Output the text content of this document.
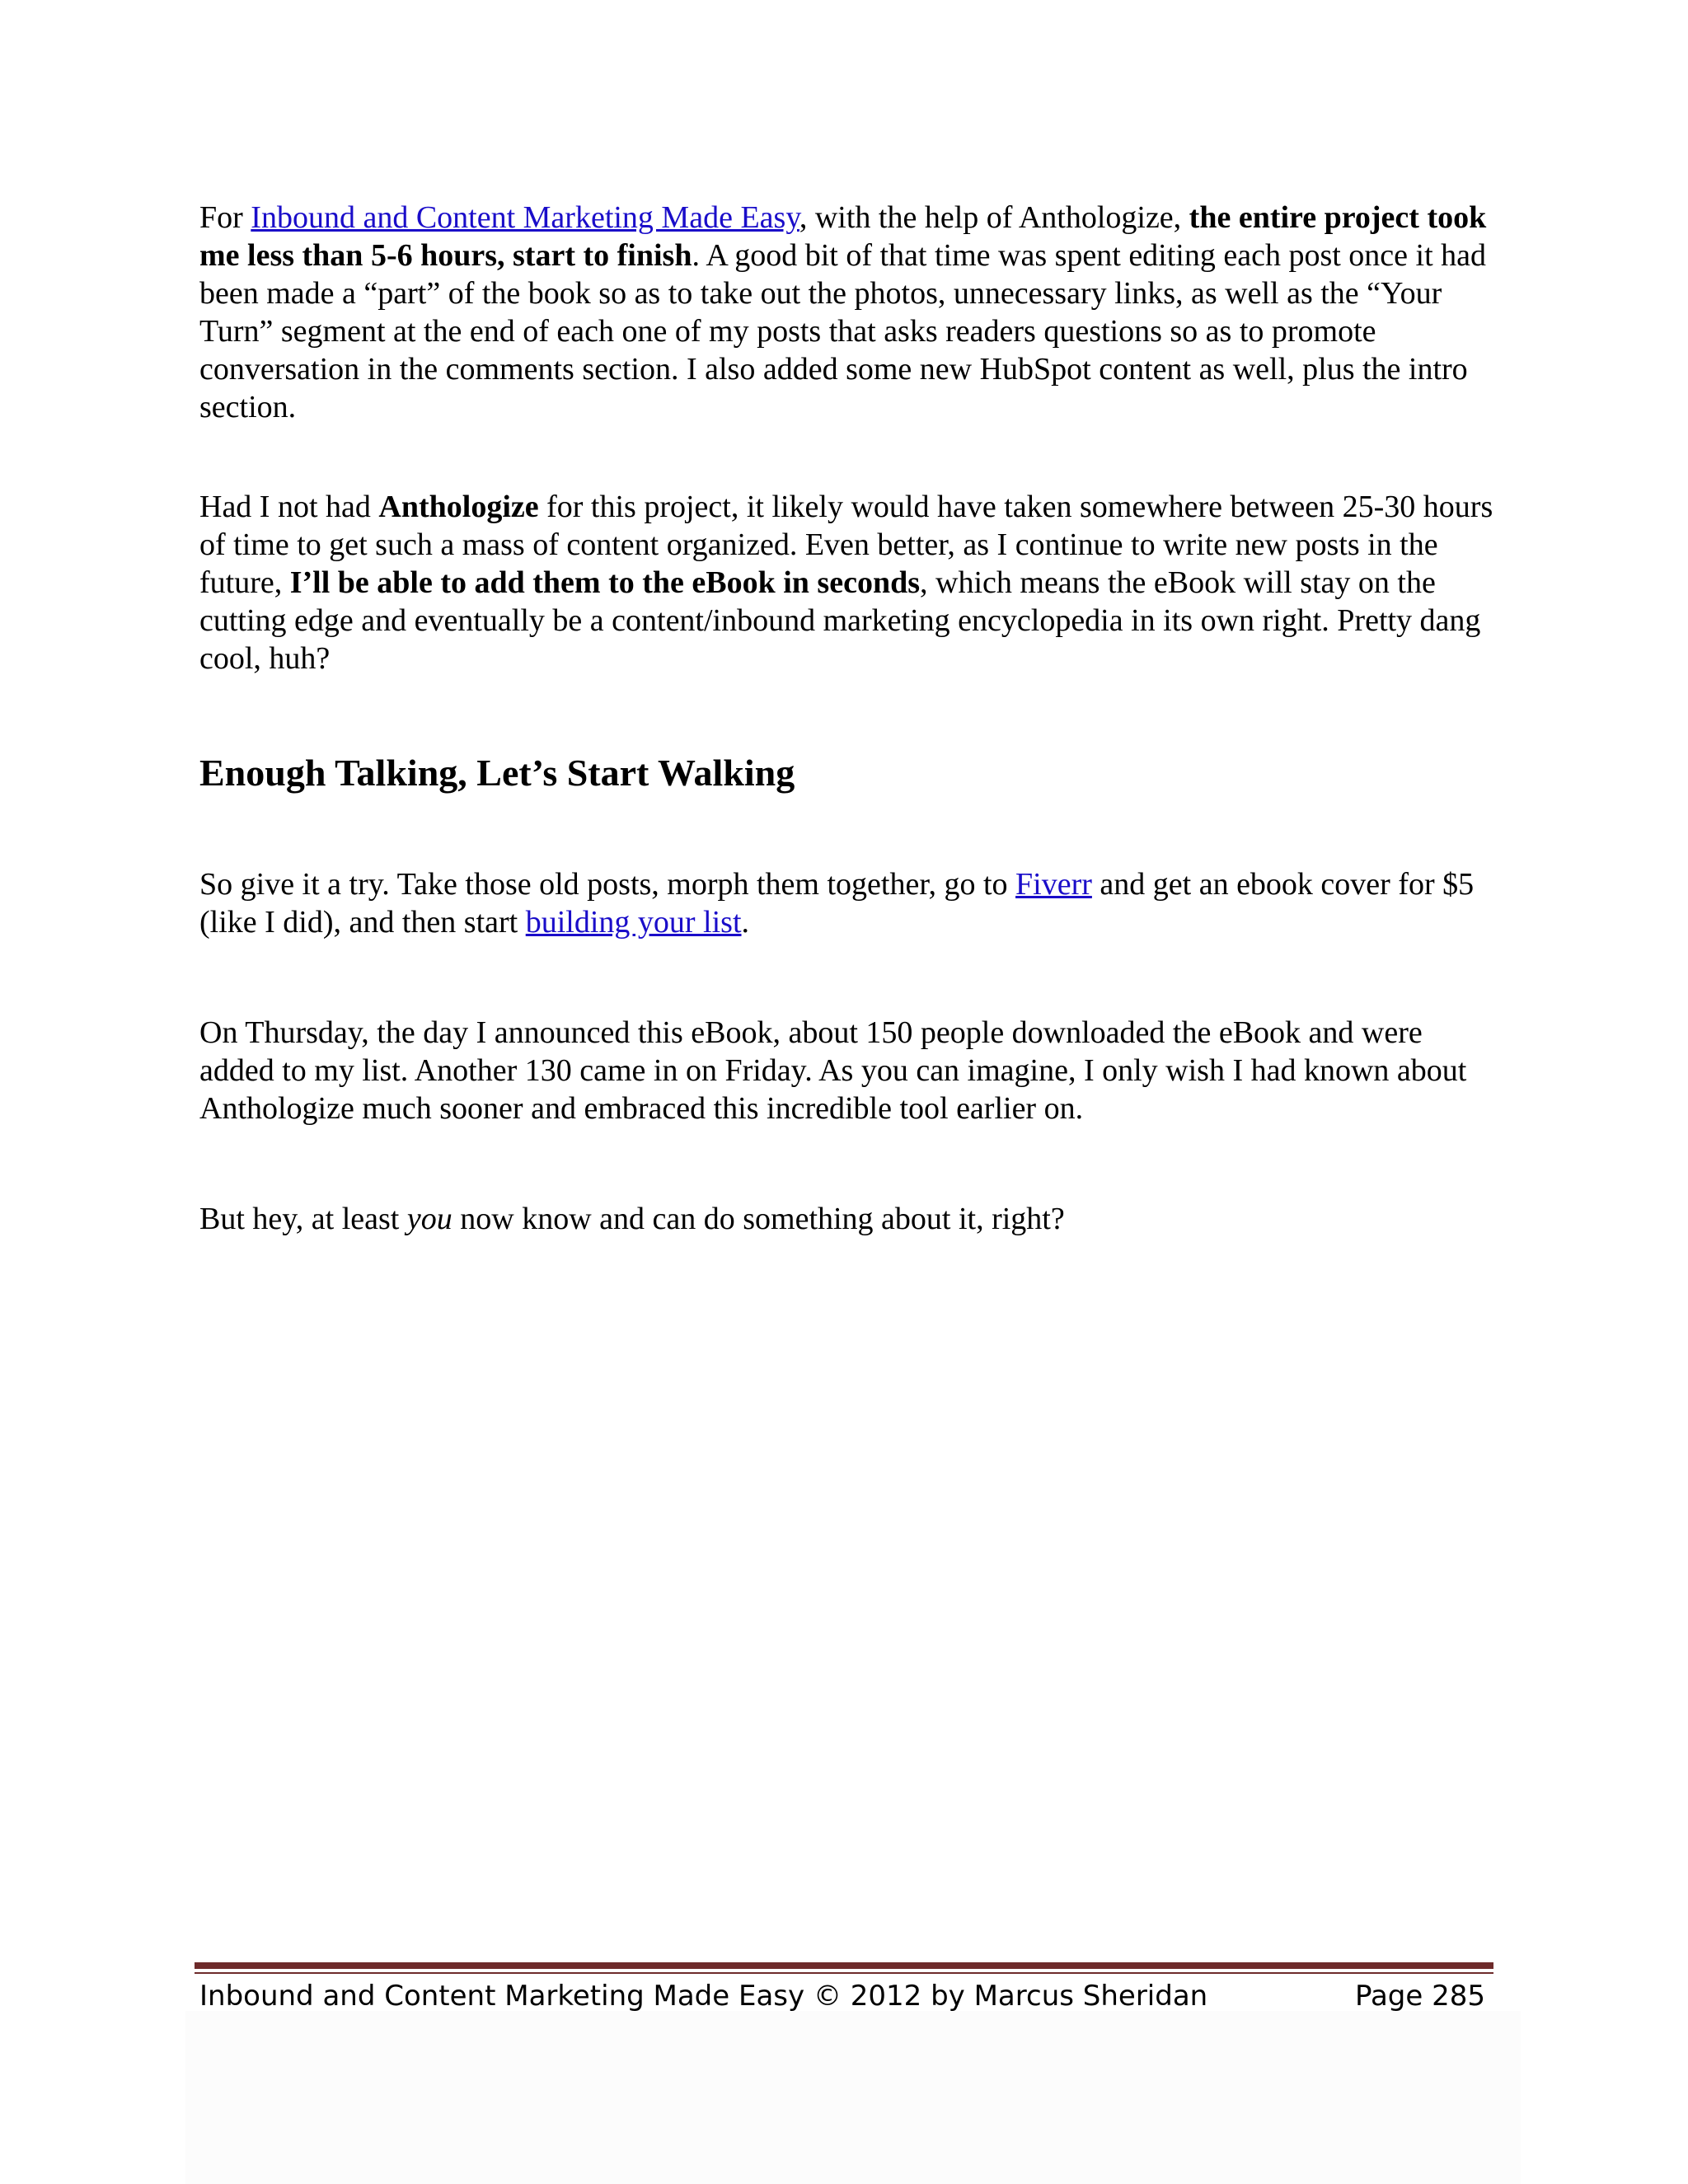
For Inbound and Content Marketing Made Easy, with the help of Anthologize, the entire project took me less than 5-6 hours, start to finish. A good bit of that time was spent editing each post once it had been made a “part” of the book so as to take out the photos, unnecessary links, as well as the “Your Turn” segment at the end of each one of my posts that asks readers questions so as to promote conversation in the comments section. I also added some new HubSpot content as well, plus the intro section.

Had I not had Anthologize for this project, it likely would have taken somewhere between 25-30 hours of time to get such a mass of content organized. Even better, as I continue to write new posts in the future, I’ll be able to add them to the eBook in seconds, which means the eBook will stay on the cutting edge and eventually be a content/inbound marketing encyclopedia in its own right. Pretty dang cool, huh?

Enough Talking, Let’s Start Walking

So give it a try. Take those old posts, morph them together, go to Fiverr and get an ebook cover for $5 (like I did), and then start building your list.

On Thursday, the day I announced this eBook, about 150 people downloaded the eBook and were added to my list. Another 130 came in on Friday. As you can imagine, I only wish I had known about Anthologize much sooner and embraced this incredible tool earlier on.

But hey, at least you now know and can do something about it, right?

Inbound and Content Marketing Made Easy © 2012 by Marcus Sheridan	Page 285
